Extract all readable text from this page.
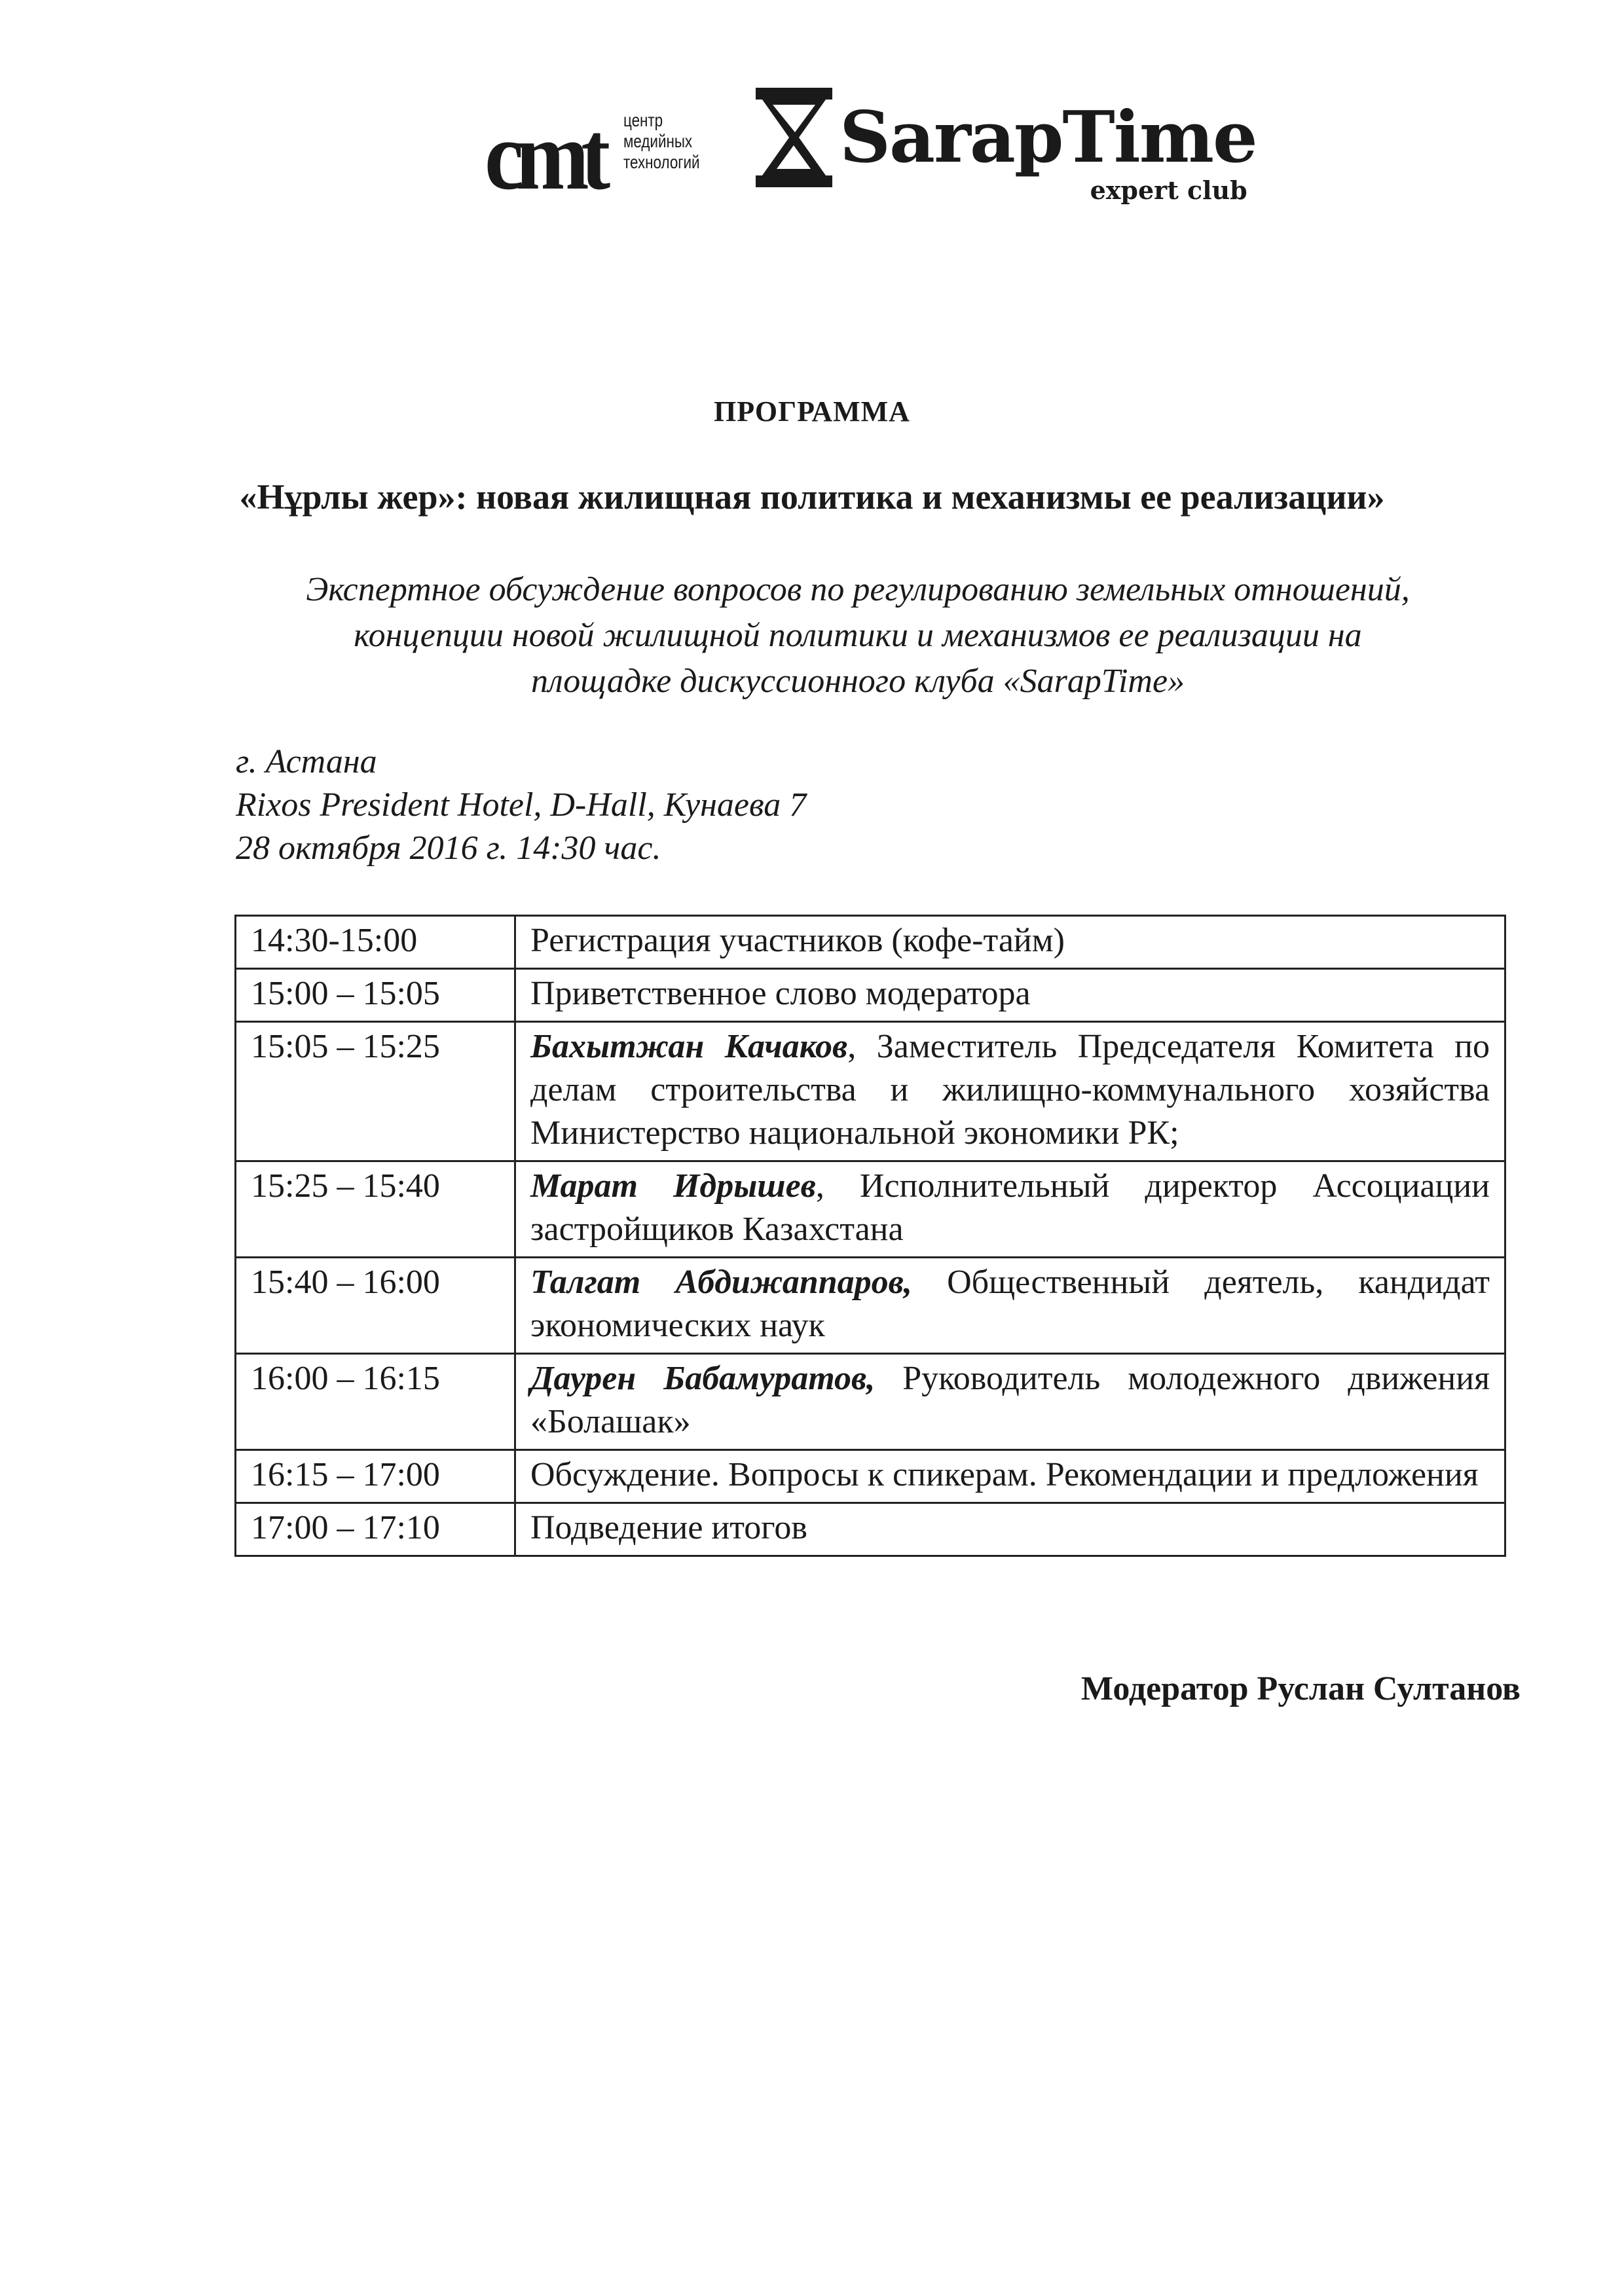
cmt центр
медийных
технологий SarapTime
expert club
ПРОГРАММА
«Нұрлы жер»: новая жилищная политика и механизмы ее реализации»
Экспертное обсуждение вопросов по регулированию земельных отношений,
концепции новой жилищной политики и механизмов ее реализации на
площадке дискуссионного клуба «SarapTime»
г. Астана
Rixos President Hotel, D-Hall, Кунаева 7
28 октября 2016 г. 14:30 час.
14:30-15:00	Регистрация участников (кофе-тайм)
15:00 – 15:05	Приветственное слово модератора
15:05 – 15:25	Бахытжан Качаков, Заместитель Председателя Комитета по делам строительства и жилищно-коммунального хозяйства Министерство национальной экономики РК;
15:25 – 15:40	Марат Идрышев, Исполнительный директор Ассоциации застройщиков Казахстана
15:40 – 16:00	Талгат Абдижаппаров, Общественный деятель, кандидат экономических наук
16:00 – 16:15	Даурен Бабамуратов, Руководитель молодежного движения «Болашак»
16:15 – 17:00	Обсуждение. Вопросы к спикерам. Рекомендации и предложения
17:00 – 17:10	Подведение итогов
Модератор Руслан Султанов
